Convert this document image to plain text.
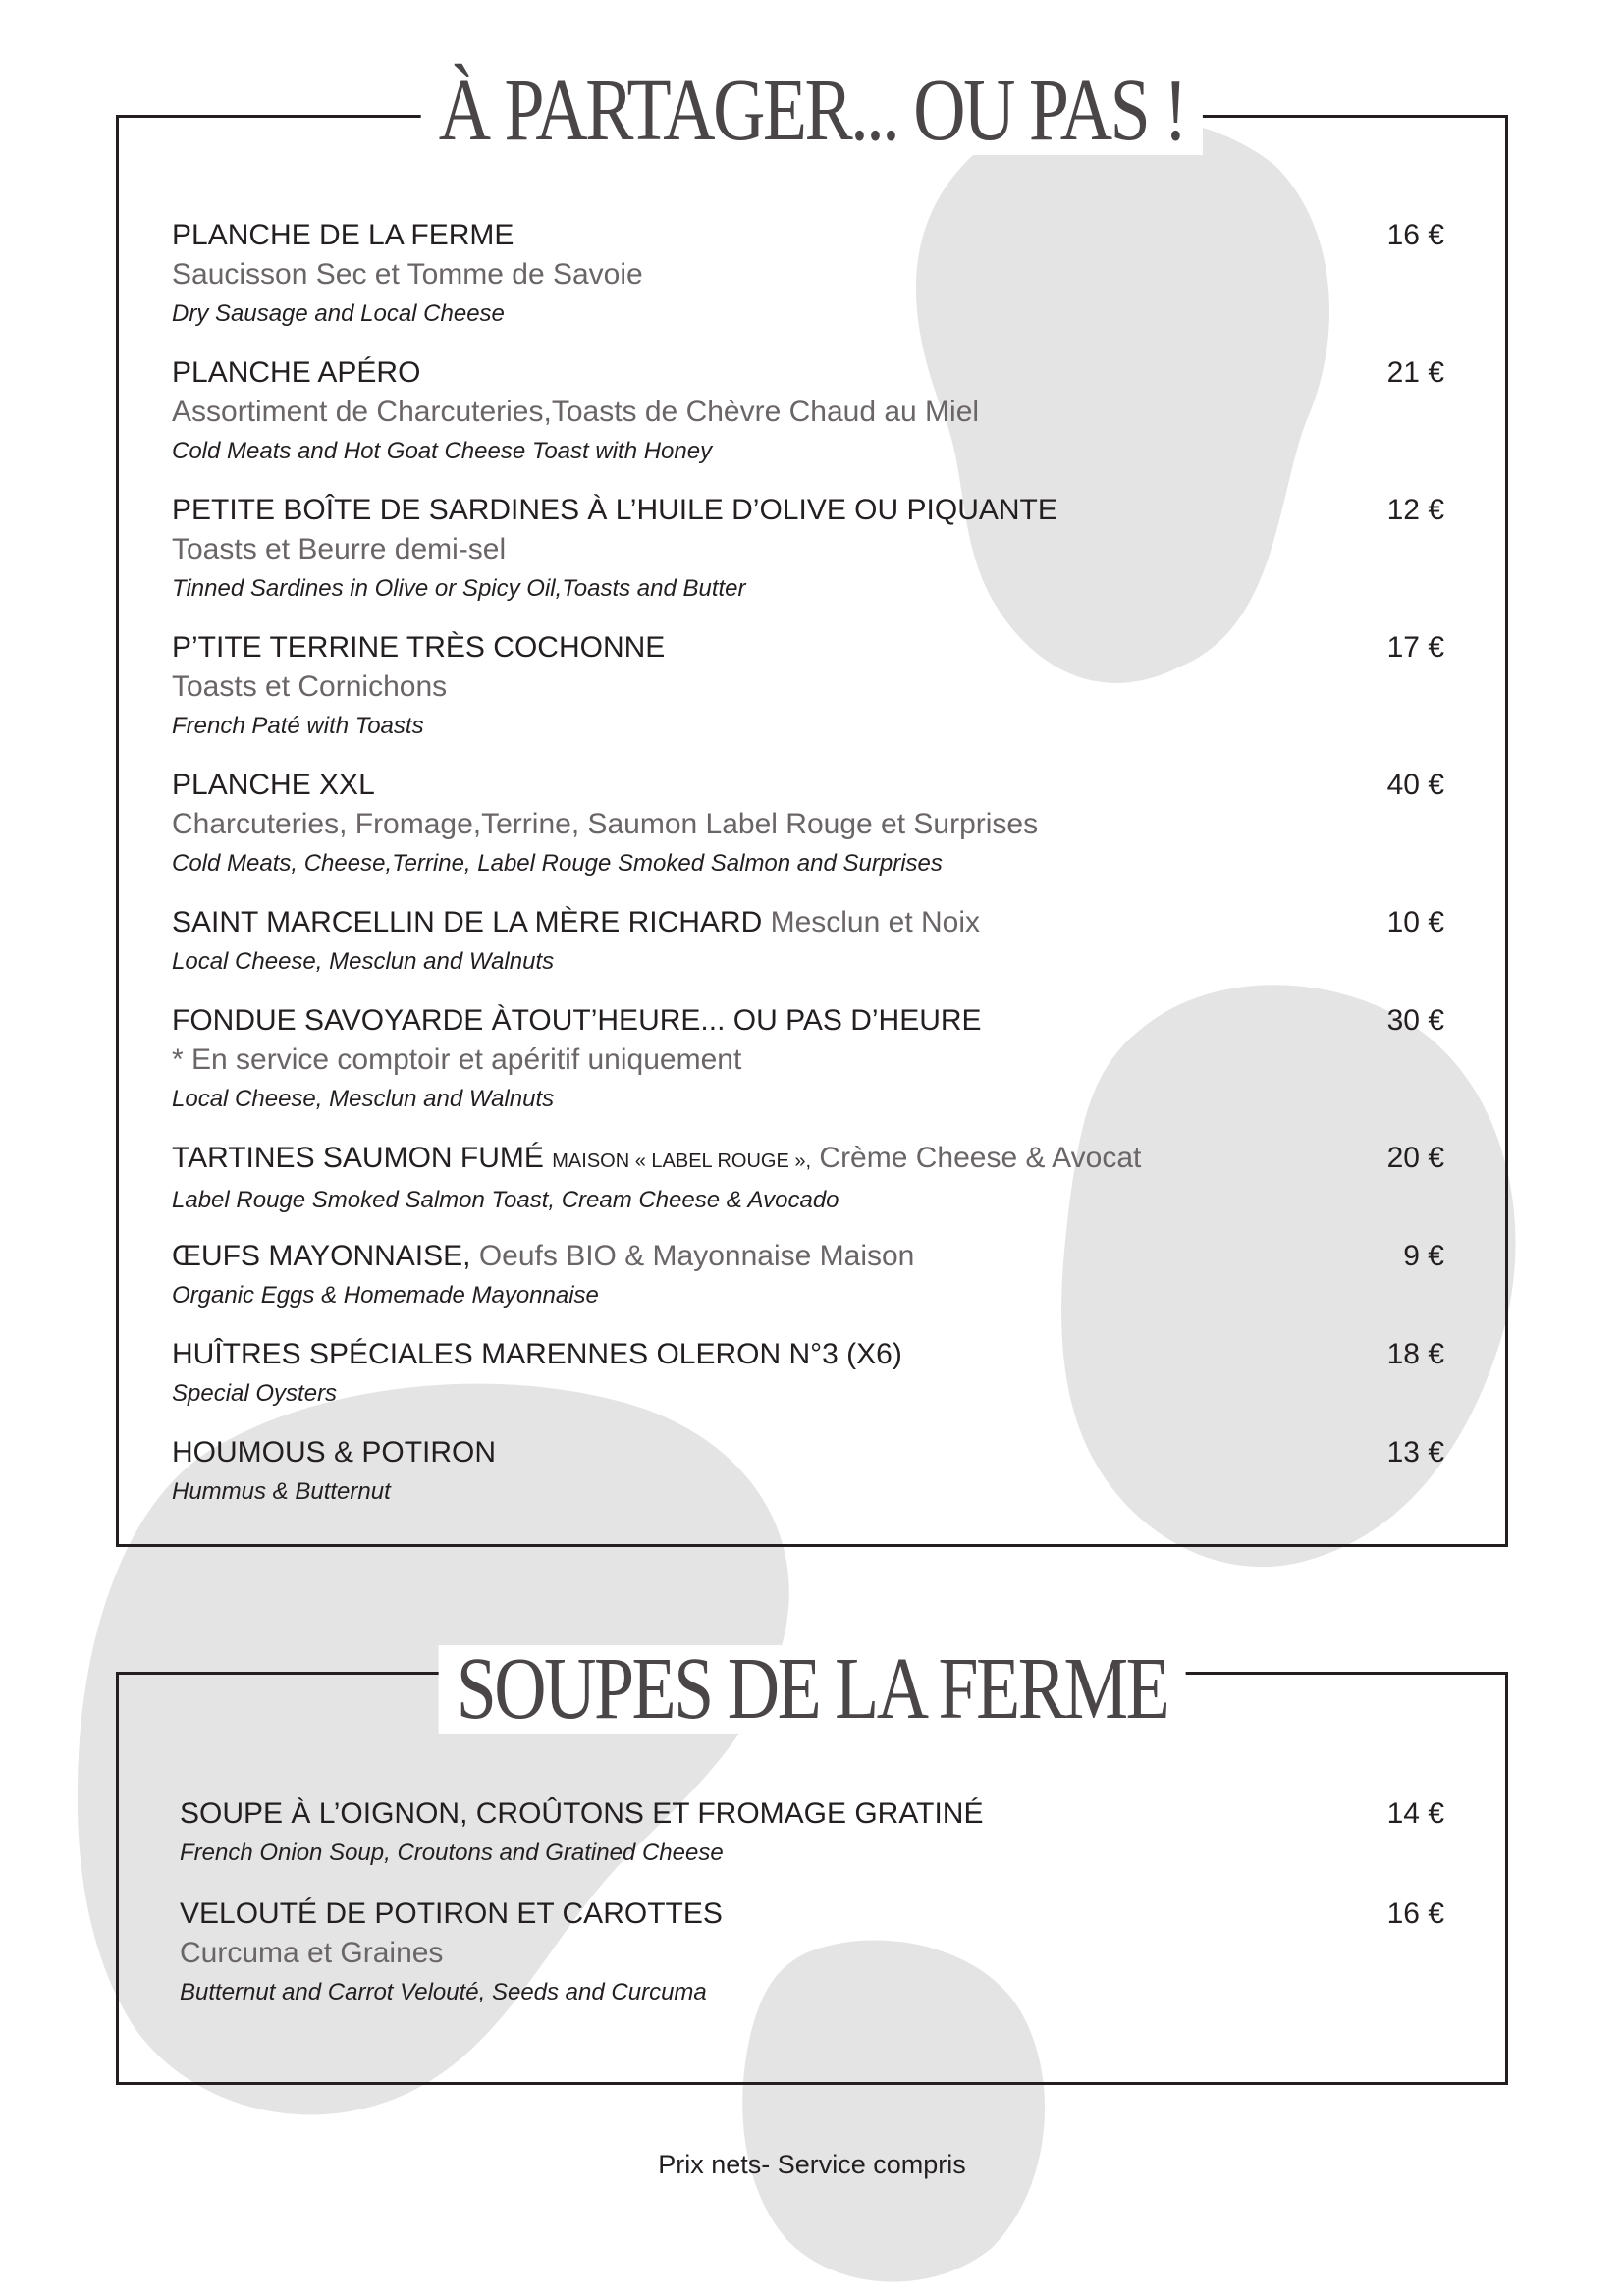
À PARTAGER... OU PAS !
PLANCHE DE LA FERME
Saucisson Sec et Tomme de Savoie
Dry Sausage and Local Cheese
16 €
PLANCHE APÉRO
Assortiment de Charcuteries,Toasts de Chèvre Chaud au Miel
Cold Meats and Hot Goat Cheese Toast with Honey
21 €
PETITE BOÎTE DE SARDINES À L’HUILE D’OLIVE OU PIQUANTE
Toasts et Beurre demi-sel
Tinned Sardines in Olive or Spicy Oil,Toasts and Butter
12 €
P’TITE TERRINE TRÈS COCHONNE
Toasts et Cornichons
French Paté with Toasts
17 €
PLANCHE XXL
Charcuteries, Fromage,Terrine, Saumon Label Rouge et Surprises
Cold Meats, Cheese,Terrine, Label Rouge Smoked Salmon and Surprises
40 €
SAINT MARCELLIN DE LA MÈRE RICHARD Mesclun et Noix
Local Cheese, Mesclun and Walnuts
10 €
FONDUE SAVOYARDE ÀTOUT’HEURE... OU PAS D’HEURE
* En service comptoir et apéritif uniquement
Local Cheese, Mesclun and Walnuts
30 €
TARTINES SAUMON FUMÉ MAISON « LABEL ROUGE », Crème Cheese & Avocat
Label Rouge Smoked Salmon Toast, Cream Cheese & Avocado
20 €
ŒUFS MAYONNAISE, Oeufs BIO & Mayonnaise Maison
Organic Eggs & Homemade Mayonnaise
9 €
HUÎTRES SPÉCIALES MARENNES OLERON N°3 (X6)
Special Oysters
18 €
HOUMOUS & POTIRON
Hummus & Butternut
13 €
SOUPES DE LA FERME
SOUPE À L’OIGNON, CROÛTONS ET FROMAGE GRATINÉ
French Onion Soup, Croutons and Gratined Cheese
14 €
VELOUTÉ DE POTIRON ET CAROTTES
Curcuma et Graines
Butternut and Carrot Velouté, Seeds and Curcuma
16 €
Prix nets- Service compris
